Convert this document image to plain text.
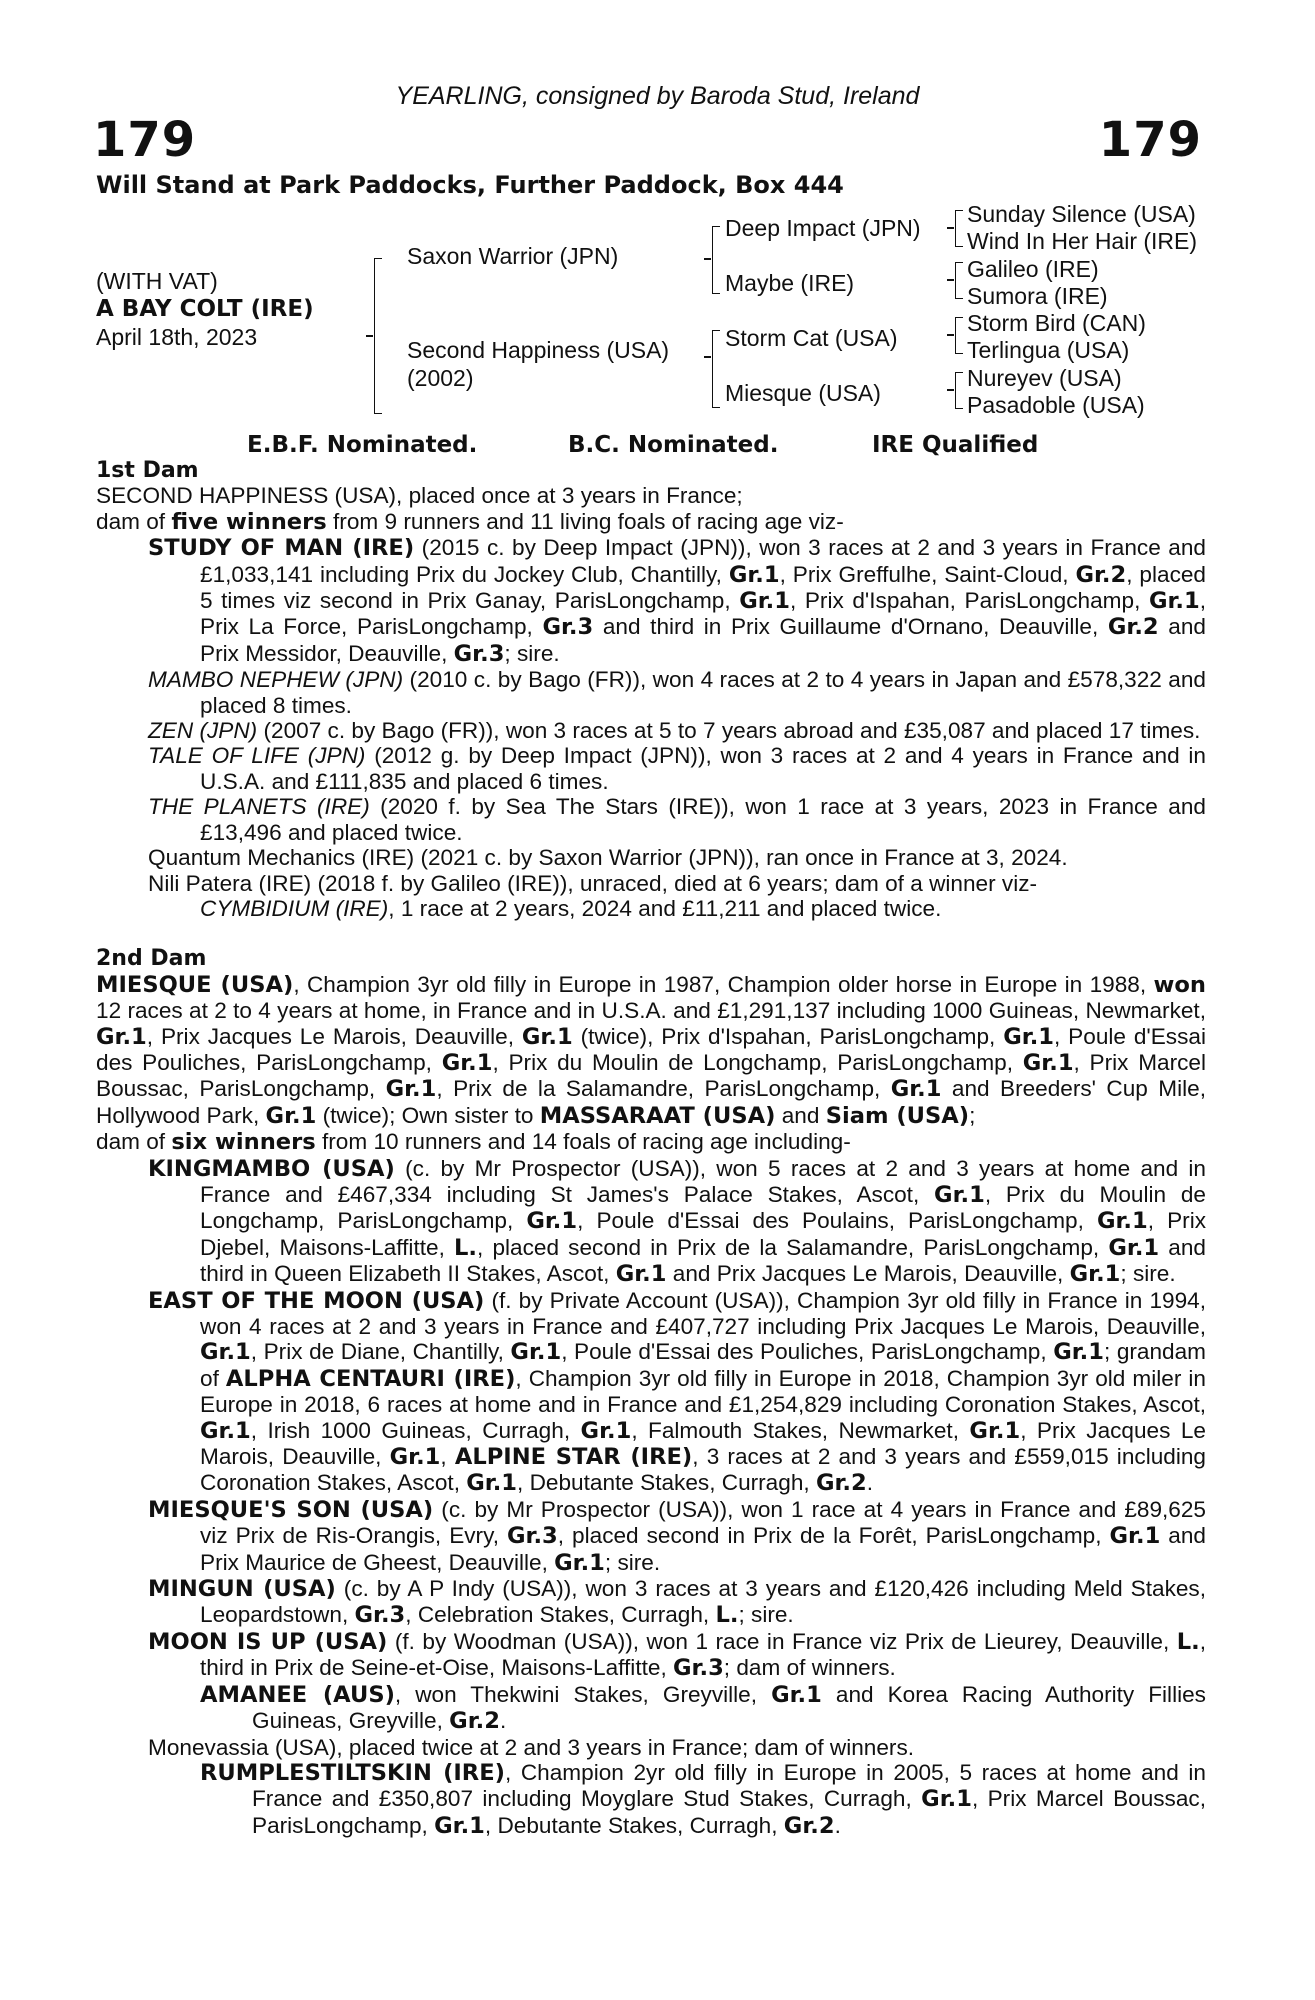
YEARLING, consigned by Baroda Stud, Ireland
179	179
Will Stand at Park Paddocks, Further Paddock, Box 444
(WITH VAT)
A BAY COLT (IRE)
April 18th, 2023
Saxon Warrior (JPN)
Second Happiness (USA)
(2002)
Deep Impact (JPN)
Maybe (IRE)
Storm Cat (USA)
Miesque (USA)
Sunday Silence (USA)
Wind In Her Hair (IRE)
Galileo (IRE)
Sumora (IRE)
Storm Bird (CAN)
Terlingua (USA)
Nureyev (USA)
Pasadoble (USA)
E.B.F. Nominated.	B.C. Nominated.	IRE Qualified
1st Dam

SECOND HAPPINESS (USA), placed once at 3 years in France;

dam of five winners from 9 runners and 11 living foals of racing age viz-

STUDY OF MAN (IRE) (2015 c. by Deep Impact (JPN)), won 3 races at 2 and 3 years in France and £1,033,141 including Prix du Jockey Club, Chantilly, Gr.1, Prix Greffulhe, Saint-Cloud, Gr.2, placed 5 times viz second in Prix Ganay, ParisLongchamp, Gr.1, Prix d'Ispahan, ParisLongchamp, Gr.1, Prix La Force, ParisLongchamp, Gr.3 and third in Prix Guillaume d'Ornano, Deauville, Gr.2 and Prix Messidor, Deauville, Gr.3; sire.

MAMBO NEPHEW (JPN) (2010 c. by Bago (FR)), won 4 races at 2 to 4 years in Japan and £578,322 and placed 8 times.

ZEN (JPN) (2007 c. by Bago (FR)), won 3 races at 5 to 7 years abroad and £35,087 and placed 17 times.

TALE OF LIFE (JPN) (2012 g. by Deep Impact (JPN)), won 3 races at 2 and 4 years in France and in U.S.A. and £111,835 and placed 6 times.

THE PLANETS (IRE) (2020 f. by Sea The Stars (IRE)), won 1 race at 3 years, 2023 in France and £13,496 and placed twice.

Quantum Mechanics (IRE) (2021 c. by Saxon Warrior (JPN)), ran once in France at 3, 2024.

Nili Patera (IRE) (2018 f. by Galileo (IRE)), unraced, died at 6 years; dam of a winner viz-

CYMBIDIUM (IRE), 1 race at 2 years, 2024 and £11,211 and placed twice.

2nd Dam

MIESQUE (USA), Champion 3yr old filly in Europe in 1987, Champion older horse in Europe in 1988, won 12 races at 2 to 4 years at home, in France and in U.S.A. and £1,291,137 including 1000 Guineas, Newmarket, Gr.1, Prix Jacques Le Marois, Deauville, Gr.1 (twice), Prix d'Ispahan, ParisLongchamp, Gr.1, Poule d'Essai des Pouliches, ParisLongchamp, Gr.1, Prix du Moulin de Longchamp, ParisLongchamp, Gr.1, Prix Marcel Boussac, ParisLongchamp, Gr.1, Prix de la Salamandre, ParisLongchamp, Gr.1 and Breeders' Cup Mile, Hollywood Park, Gr.1 (twice); Own sister to MASSARAAT (USA) and Siam (USA);

dam of six winners from 10 runners and 14 foals of racing age including-

KINGMAMBO (USA) (c. by Mr Prospector (USA)), won 5 races at 2 and 3 years at home and in France and £467,334 including St James's Palace Stakes, Ascot, Gr.1, Prix du Moulin de Longchamp, ParisLongchamp, Gr.1, Poule d'Essai des Poulains, ParisLongchamp, Gr.1, Prix Djebel, Maisons-Laffitte, L., placed second in Prix de la Salamandre, ParisLongchamp, Gr.1 and third in Queen Elizabeth II Stakes, Ascot, Gr.1 and Prix Jacques Le Marois, Deauville, Gr.1; sire.

EAST OF THE MOON (USA) (f. by Private Account (USA)), Champion 3yr old filly in France in 1994, won 4 races at 2 and 3 years in France and £407,727 including Prix Jacques Le Marois, Deauville, Gr.1, Prix de Diane, Chantilly, Gr.1, Poule d'Essai des Pouliches, ParisLongchamp, Gr.1; grandam of ALPHA CENTAURI (IRE), Champion 3yr old filly in Europe in 2018, Champion 3yr old miler in Europe in 2018, 6 races at home and in France and £1,254,829 including Coronation Stakes, Ascot, Gr.1, Irish 1000 Guineas, Curragh, Gr.1, Falmouth Stakes, Newmarket, Gr.1, Prix Jacques Le Marois, Deauville, Gr.1, ALPINE STAR (IRE), 3 races at 2 and 3 years and £559,015 including Coronation Stakes, Ascot, Gr.1, Debutante Stakes, Curragh, Gr.2.

MIESQUE'S SON (USA) (c. by Mr Prospector (USA)), won 1 race at 4 years in France and £89,625 viz Prix de Ris-Orangis, Evry, Gr.3, placed second in Prix de la Forêt, ParisLongchamp, Gr.1 and Prix Maurice de Gheest, Deauville, Gr.1; sire.

MINGUN (USA) (c. by A P Indy (USA)), won 3 races at 3 years and £120,426 including Meld Stakes, Leopardstown, Gr.3, Celebration Stakes, Curragh, L.; sire.

MOON IS UP (USA) (f. by Woodman (USA)), won 1 race in France viz Prix de Lieurey, Deauville, L., third in Prix de Seine-et-Oise, Maisons-Laffitte, Gr.3; dam of winners.

AMANEE (AUS), won Thekwini Stakes, Greyville, Gr.1 and Korea Racing Authority Fillies Guineas, Greyville, Gr.2.

Monevassia (USA), placed twice at 2 and 3 years in France; dam of winners.

RUMPLESTILTSKIN (IRE), Champion 2yr old filly in Europe in 2005, 5 races at home and in France and £350,807 including Moyglare Stud Stakes, Curragh, Gr.1, Prix Marcel Boussac, ParisLongchamp, Gr.1, Debutante Stakes, Curragh, Gr.2.
